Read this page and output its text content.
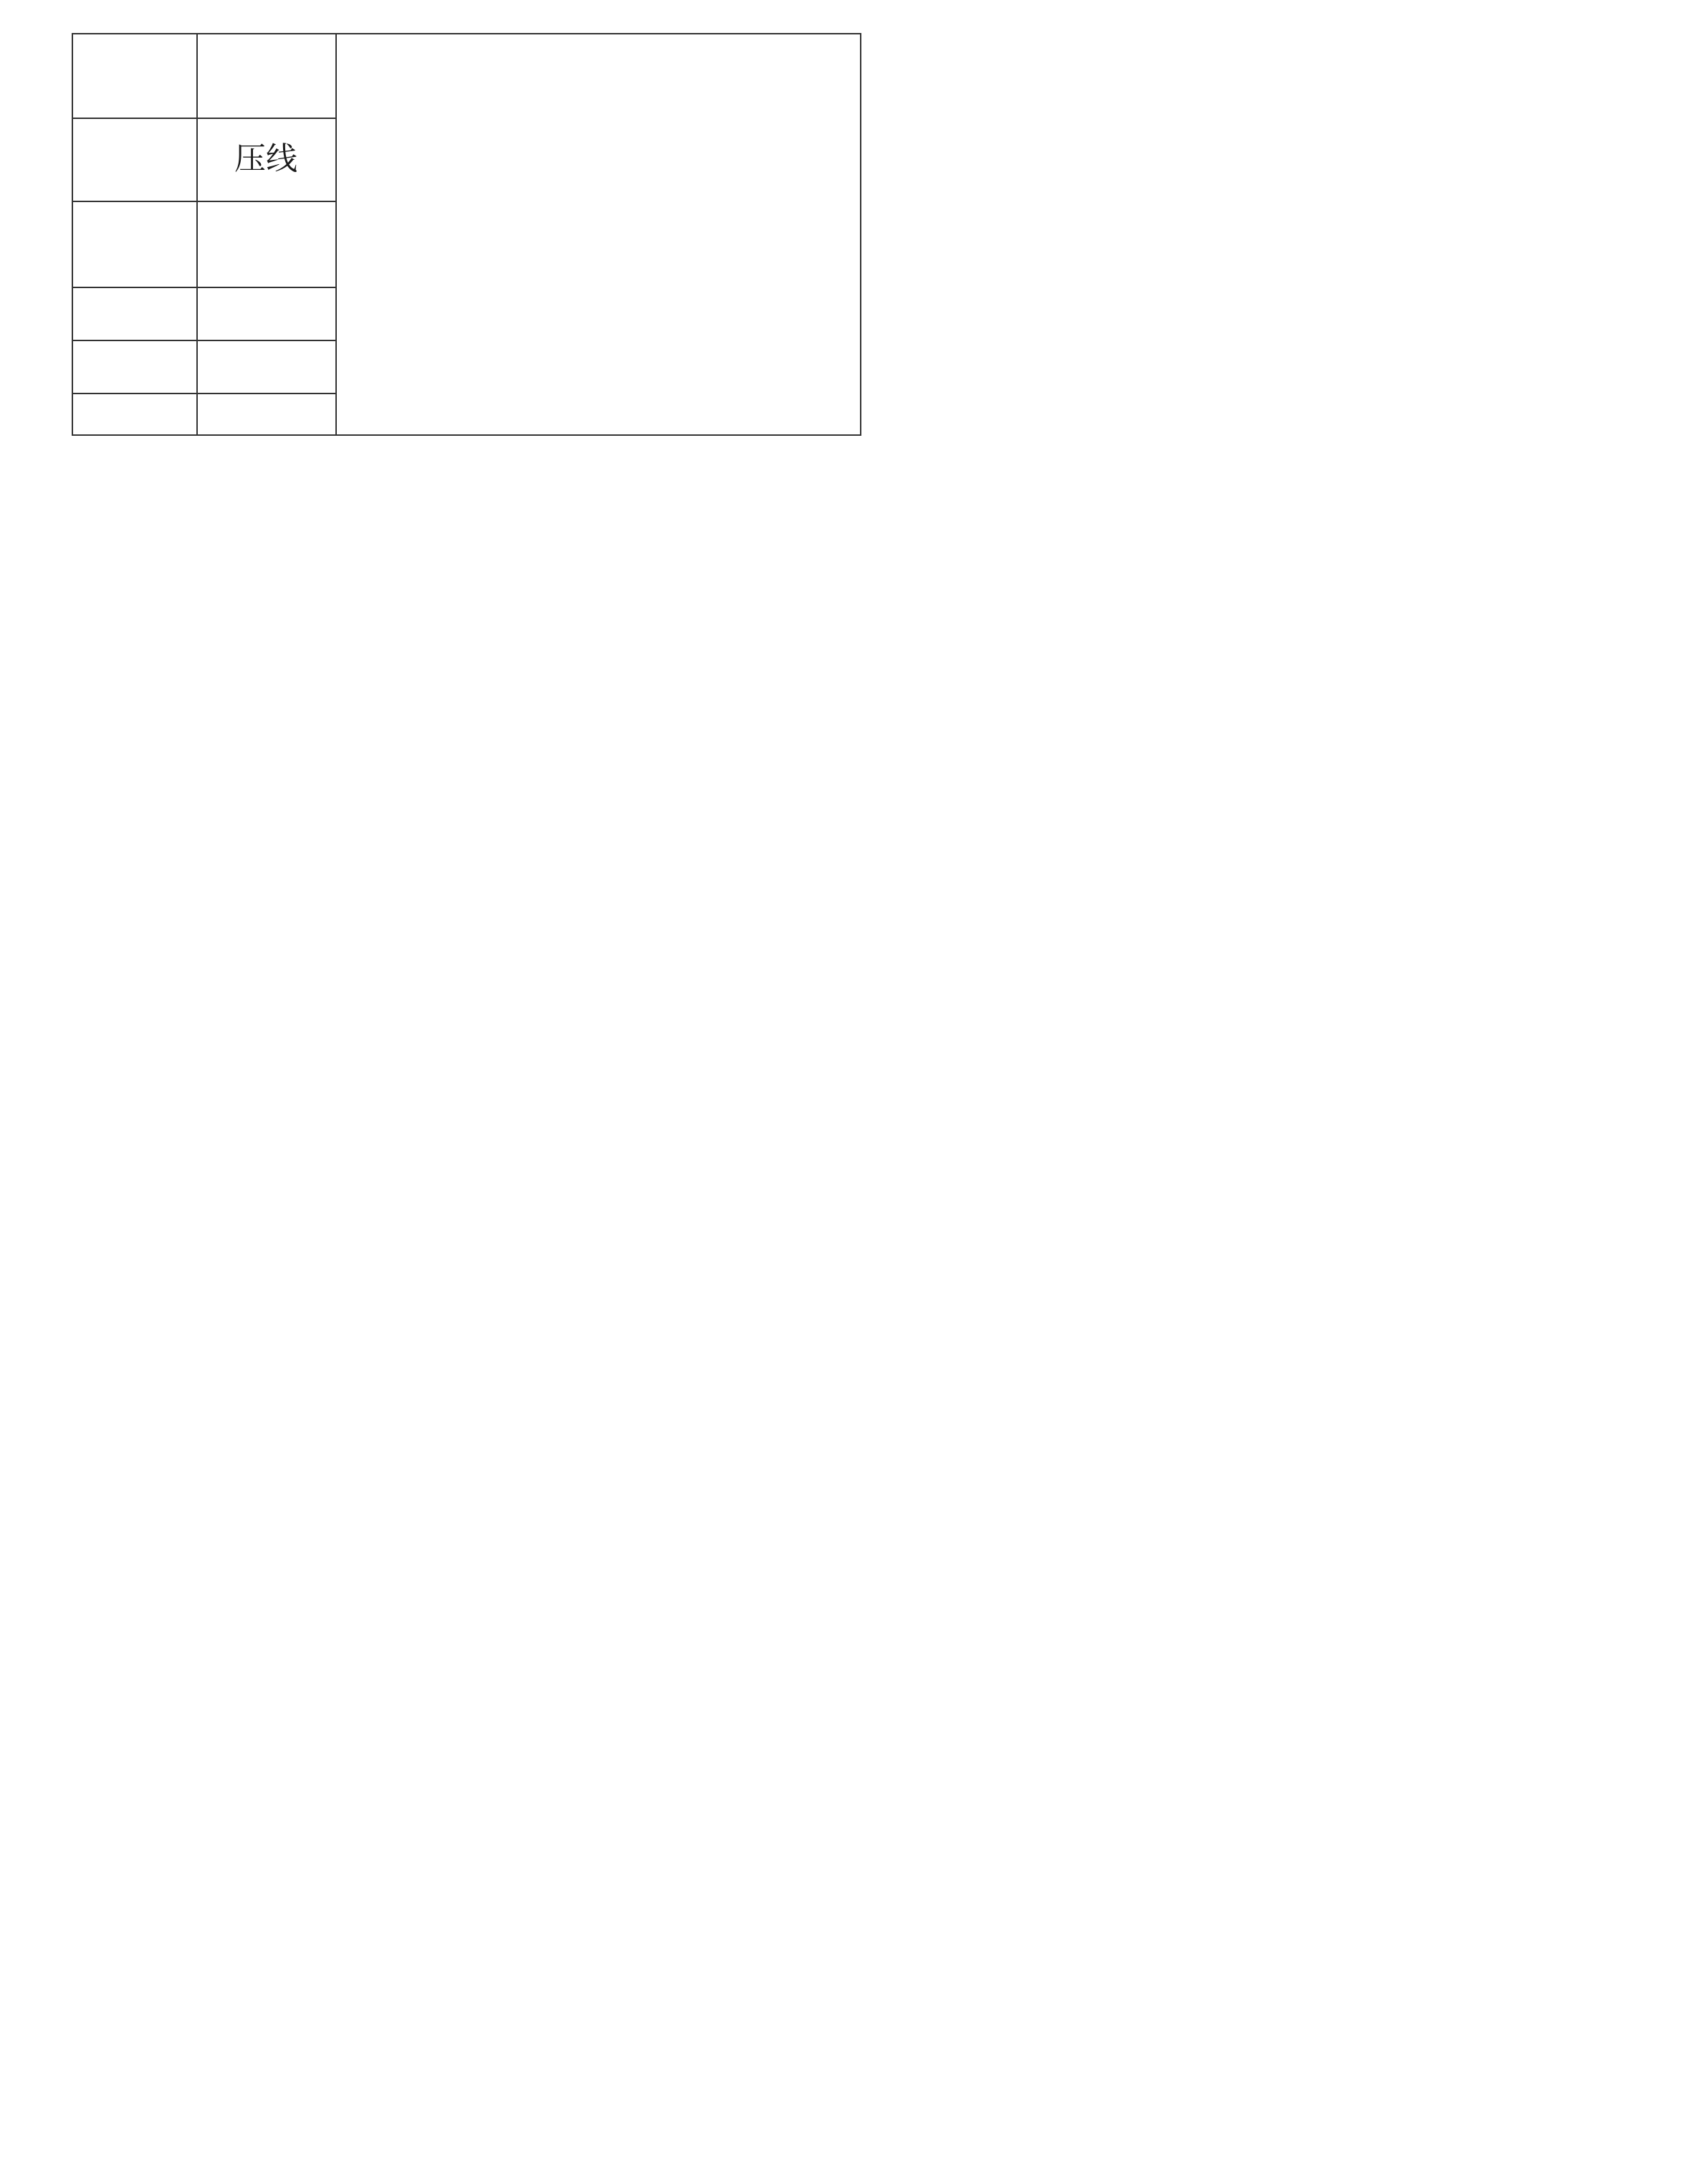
压线
